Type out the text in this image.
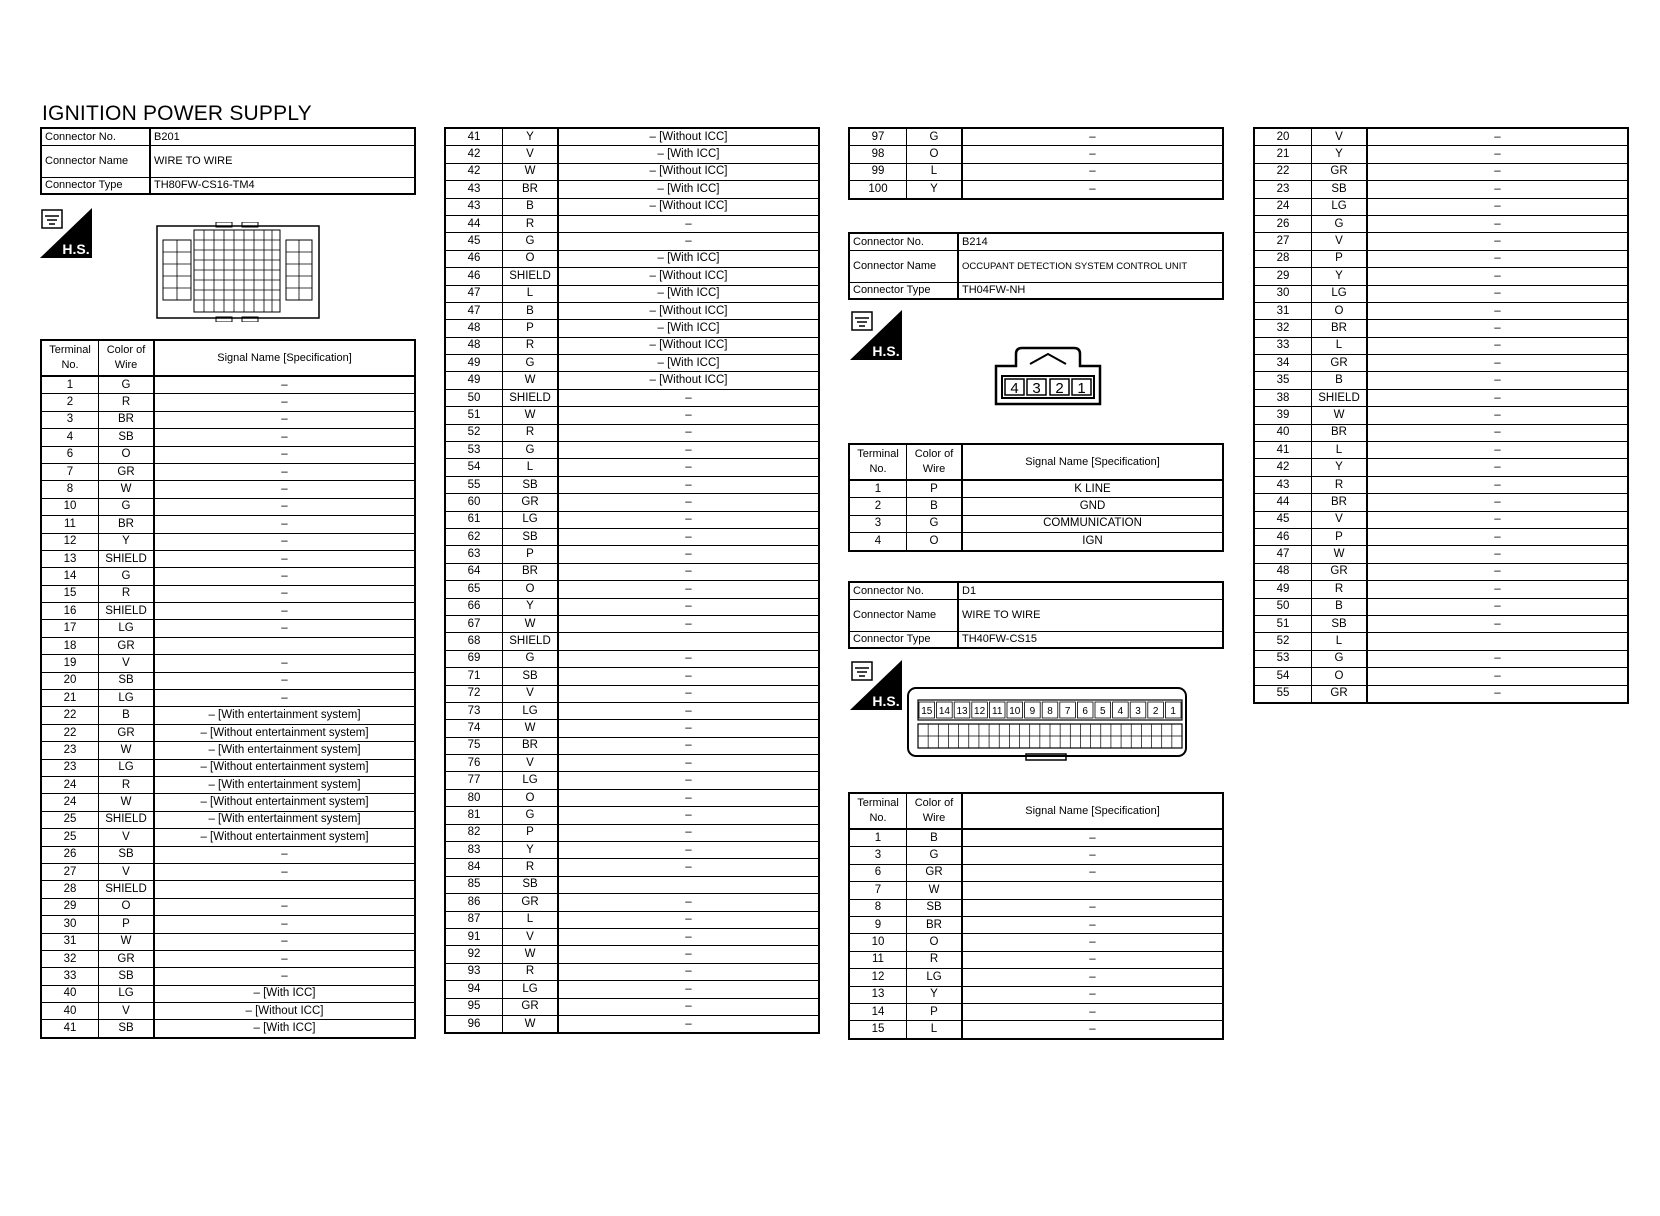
IGNITION POWER SUPPLY
Connector No.	B201
Connector Name	WIRE TO WIRE
Connector Type	TH80FW-CS16-TM4
H.S.
Terminal No.	Color of Wire	Signal Name [Specification]
1	G	–
2	R	–
3	BR	–
4	SB	–
6	O	–
7	GR	–
8	W	–
10	G	–
11	BR	–
12	Y	–
13	SHIELD	–
14	G	–
15	R	–
16	SHIELD	–
17	LG	–
18	GR	
19	V	–
20	SB	–
21	LG	–
22	B	– [With entertainment system]
22	GR	– [Without entertainment system]
23	W	– [With entertainment system]
23	LG	– [Without entertainment system]
24	R	– [With entertainment system]
24	W	– [Without entertainment system]
25	SHIELD	– [With entertainment system]
25	V	– [Without entertainment system]
26	SB	–
27	V	–
28	SHIELD	
29	O	–
30	P	–
31	W	–
32	GR	–
33	SB	–
40	LG	– [With ICC]
40	V	– [Without ICC]
41	SB	– [With ICC]
41	Y	– [Without ICC]
42	V	– [With ICC]
42	W	– [Without ICC]
43	BR	– [With ICC]
43	B	– [Without ICC]
44	R	–
45	G	–
46	O	– [With ICC]
46	SHIELD	– [Without ICC]
47	L	– [With ICC]
47	B	– [Without ICC]
48	P	– [With ICC]
48	R	– [Without ICC]
49	G	– [With ICC]
49	W	– [Without ICC]
50	SHIELD	–
51	W	–
52	R	–
53	G	–
54	L	–
55	SB	–
60	GR	–
61	LG	–
62	SB	–
63	P	–
64	BR	–
65	O	–
66	Y	–
67	W	–
68	SHIELD	
69	G	–
71	SB	–
72	V	–
73	LG	–
74	W	–
75	BR	–
76	V	–
77	LG	–
80	O	–
81	G	–
82	P	–
83	Y	–
84	R	–
85	SB	
86	GR	–
87	L	–
91	V	–
92	W	–
93	R	–
94	LG	–
95	GR	–
96	W	–
97	G	–
98	O	–
99	L	–
100	Y	–
Connector No.	B214
Connector Name	OCCUPANT DETECTION SYSTEM CONTROL UNIT
Connector Type	TH04FW-NH
H.S.
4 3 2 1
Terminal No.	Color of Wire	Signal Name [Specification]
1	P	K LINE
2	B	GND
3	G	COMMUNICATION
4	O	IGN
Connector No.	D1
Connector Name	WIRE TO WIRE
Connector Type	TH40FW-CS15
H.S.
15 14 13 12 11 10 9 8 7 6 5 4 3 2 1
Terminal No.	Color of Wire	Signal Name [Specification]
1	B	–
3	G	–
6	GR	–
7	W	
8	SB	–
9	BR	–
10	O	–
11	R	–
12	LG	–
13	Y	–
14	P	–
15	L	–
20	V	–
21	Y	–
22	GR	–
23	SB	–
24	LG	–
26	G	–
27	V	–
28	P	–
29	Y	–
30	LG	–
31	O	–
32	BR	–
33	L	–
34	GR	–
35	B	–
38	SHIELD	–
39	W	–
40	BR	–
41	L	–
42	Y	–
43	R	–
44	BR	–
45	V	–
46	P	–
47	W	–
48	GR	–
49	R	–
50	B	–
51	SB	–
52	L	
53	G	–
54	O	–
55	GR	–
